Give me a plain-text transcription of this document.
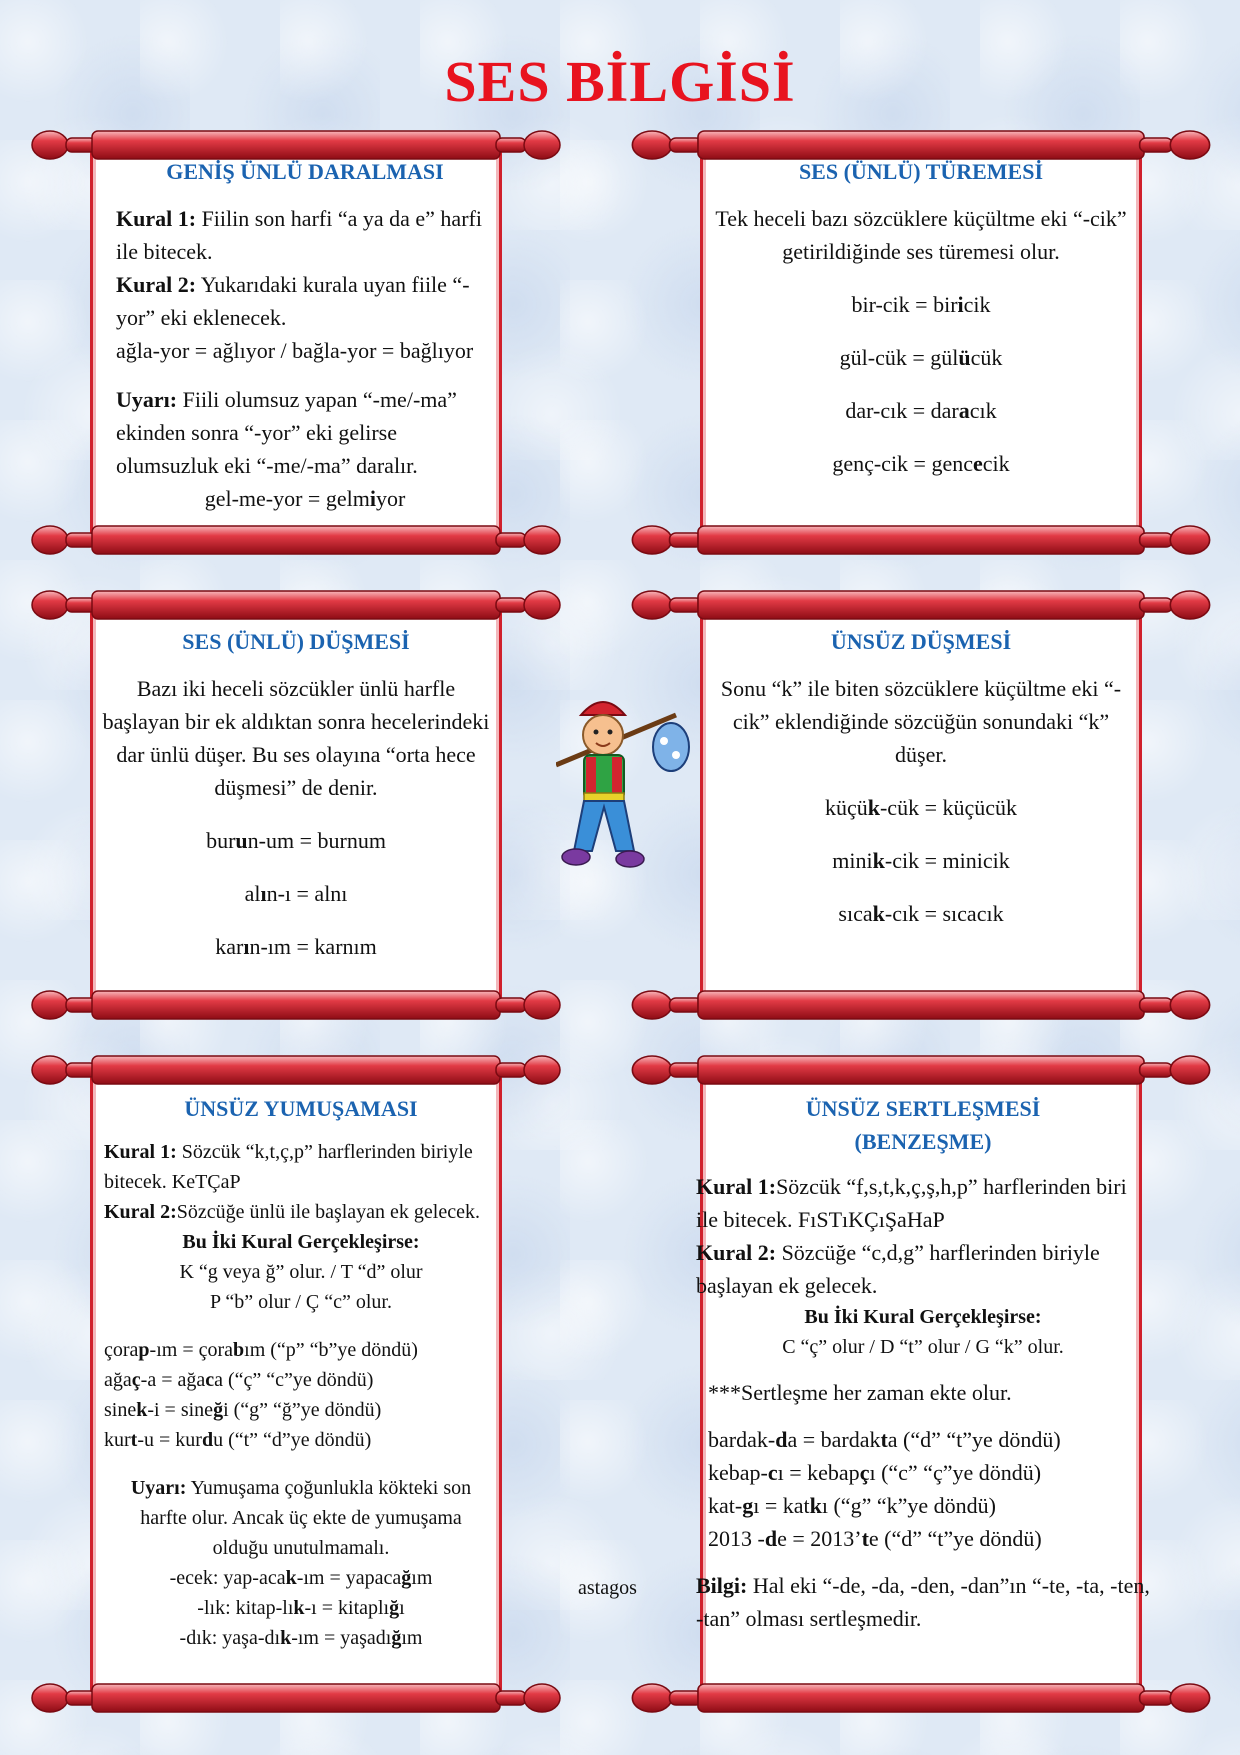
SES BİLGİSİ
GENİŞ ÜNLÜ DARALMASI

Kural 1: Fiilin son harfi “a ya da e” harfi ile bitecek.

Kural 2: Yukarıdaki kurala uyan fiile “-yor” eki eklenecek.

ağla-yor = ağlıyor / bağla-yor = bağlıyor

Uyarı: Fiili olumsuz yapan “-me/-ma” ekinden sonra “-yor” eki gelirse olumsuzluk eki “-me/-ma” daralır.

gel-me-yor = gelmiyor

SES (ÜNLÜ) TÜREMESİ

Tek heceli bazı sözcüklere küçültme eki “-cik” getirildiğinde ses türemesi olur.

bir-cik = biricik

gül-cük = gülücük

dar-cık = daracık

genç-cik = gencecik

SES (ÜNLÜ) DÜŞMESİ

Bazı iki heceli sözcükler ünlü harfle başlayan bir ek aldıktan sonra hecelerindeki dar ünlü düşer. Bu ses olayına “orta hece düşmesi” de denir.

burun-um = burnum

alın-ı = alnı

karın-ım = karnım

ÜNSÜZ DÜŞMESİ

Sonu “k” ile biten sözcüklere küçültme eki “-cik” eklendiğinde sözcüğün sonundaki “k” düşer.

küçük-cük = küçücük

minik-cik = minicik

sıcak-cık = sıcacık

ÜNSÜZ YUMUŞAMASI

Kural 1: Sözcük “k,t,ç,p” harflerinden biriyle bitecek. KeTÇaP

Kural 2:Sözcüğe ünlü ile başlayan ek gelecek.

Bu İki Kural Gerçekleşirse:

K “g veya ğ” olur. / T “d” olur

P “b” olur / Ç “c” olur.

çorap-ım = çorabım (“p” “b”ye döndü)

ağaç-a = ağaca (“ç” “c”ye döndü)

sinek-i = sineği (“g” “ğ”ye döndü)

kurt-u = kurdu (“t” “d”ye döndü)

Uyarı: Yumuşama çoğunlukla kökteki son harfte olur. Ancak üç ekte de yumuşama olduğu unutulmamalı.

-ecek: yap-acak-ım = yapacağım

-lık: kitap-lık-ı = kitaplığı

-dık: yaşa-dık-ım = yaşadığım

ÜNSÜZ SERTLEŞMESİ
(BENZEŞME)

Kural 1:Sözcük “f,s,t,k,ç,ş,h,p” harflerinden biri ile bitecek. FıSTıKÇıŞaHaP

Kural 2: Sözcüğe “c,d,g” harflerinden biriyle başlayan ek gelecek.

Bu İki Kural Gerçekleşirse:

C “ç” olur / D “t” olur / G “k” olur.

***Sertleşme her zaman ekte olur.

bardak-da = bardakta (“d” “t”ye döndü)

kebap-cı = kebapçı (“c” “ç”ye döndü)

kat-gı = katkı (“g” “k”ye döndü)

2013 -de = 2013’te (“d” “t”ye döndü)

Bilgi: Hal eki “-de, -da, -den, -dan”ın “-te, -ta, -ten, -tan” olması sertleşmedir.

astagos
